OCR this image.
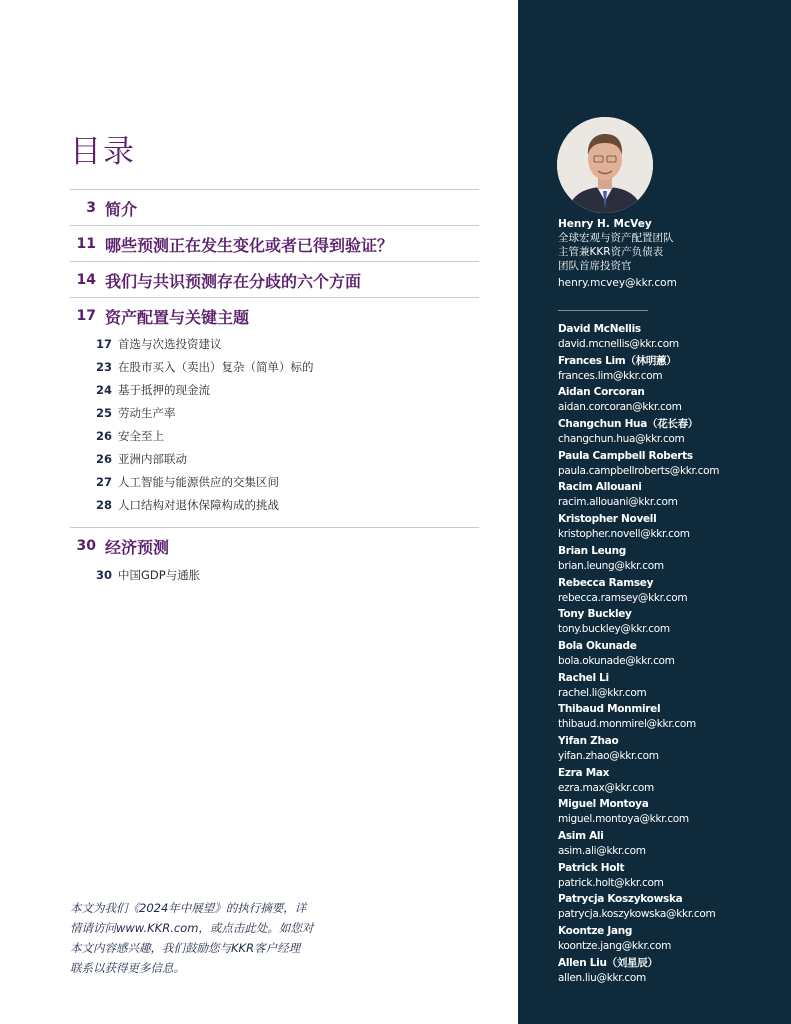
目录
3 简介
11 哪些预测正在发生变化或者已得到验证？
14 我们与共识预测存在分歧的六个方面
17 资产配置与关键主题
17 首选与次选投资建议
23 在股市买入（卖出）复杂（简单）标的
24 基于抵押的现金流
25 劳动生产率
26 安全至上
26 亚洲内部联动
27 人工智能与能源供应的交集区间
28 人口结构对退休保障构成的挑战
30 经济预测
30 中国GDP与通胀

本文为我们《2024年中展望》的执行摘要，详

情请访问www.KKR.com，或点击此处。如您对

本文内容感兴趣，我们鼓励您与KKR客户经理

联系以获得更多信息。

Henry H. McVey
全球宏观与资产配置团队
主管兼KKR资产负债表
团队首席投资官
henry.mcvey@kkr.com
David McNellis
david.mcnellis@kkr.com
Frances Lim（林明蕙）
frances.lim@kkr.com
Aidan Corcoran
aidan.corcoran@kkr.com
Changchun Hua（花长春）
changchun.hua@kkr.com
Paula Campbell Roberts
paula.campbellroberts@kkr.com
Racim Allouani
racim.allouani@kkr.com
Kristopher Novell
kristopher.novell@kkr.com
Brian Leung
brian.leung@kkr.com
Rebecca Ramsey
rebecca.ramsey@kkr.com
Tony Buckley
tony.buckley@kkr.com
Bola Okunade
bola.okunade@kkr.com
Rachel Li
rachel.li@kkr.com
Thibaud Monmirel
thibaud.monmirel@kkr.com
Yifan Zhao
yifan.zhao@kkr.com
Ezra Max
ezra.max@kkr.com
Miguel Montoya
miguel.montoya@kkr.com
Asim Ali
asim.ali@kkr.com
Patrick Holt
patrick.holt@kkr.com
Patrycja Koszykowska
patrycja.koszykowska@kkr.com
Koontze Jang
koontze.jang@kkr.com
Allen Liu（刘星辰）
allen.liu@kkr.com
